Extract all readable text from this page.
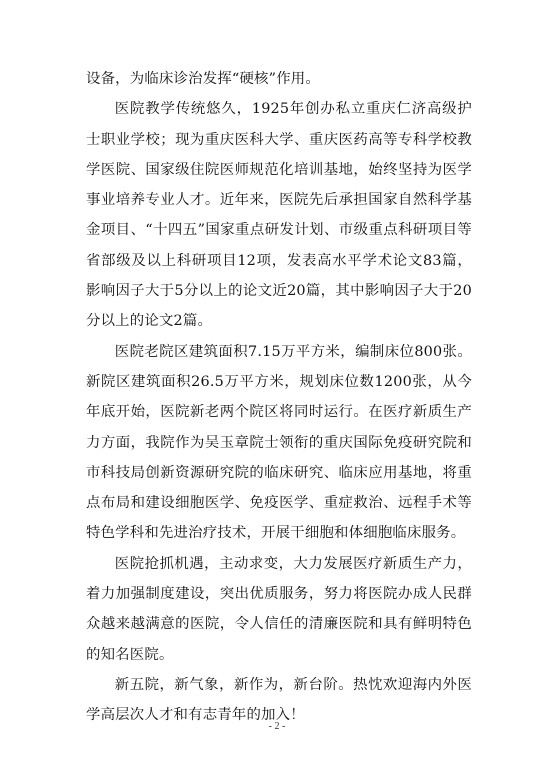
设备，为临床诊治发挥“硬核”作用。

医院教学传统悠久，1925年创办私立重庆仁济高级护士职业学校；现为重庆医科大学、重庆医药高等专科学校教学医院、国家级住院医师规范化培训基地，始终坚持为医学事业培养专业人才。近年来，医院先后承担国家自然科学基金项目、“十四五”国家重点研发计划、市级重点科研项目等省部级及以上科研项目12项，发表高水平学术论文83篇，影响因子大于5分以上的论文近20篇，其中影响因子大于20分以上的论文2篇。

医院老院区建筑面积7.15万平方米，编制床位800张。新院区建筑面积26.5万平方米，规划床位数1200张，从今年底开始，医院新老两个院区将同时运行。在医疗新质生产力方面，我院作为吴玉章院士领衔的重庆国际免疫研究院和市科技局创新资源研究院的临床研究、临床应用基地，将重点布局和建设细胞医学、免疫医学、重症救治、远程手术等特色学科和先进治疗技术，开展干细胞和体细胞临床服务。

医院抢抓机遇，主动求变，大力发展医疗新质生产力，着力加强制度建设，突出优质服务，努力将医院办成人民群众越来越满意的医院，令人信任的清廉医院和具有鲜明特色的知名医院。

新五院，新气象，新作为，新台阶。热忱欢迎海内外医学高层次人才和有志青年的加入！

- 2 -
